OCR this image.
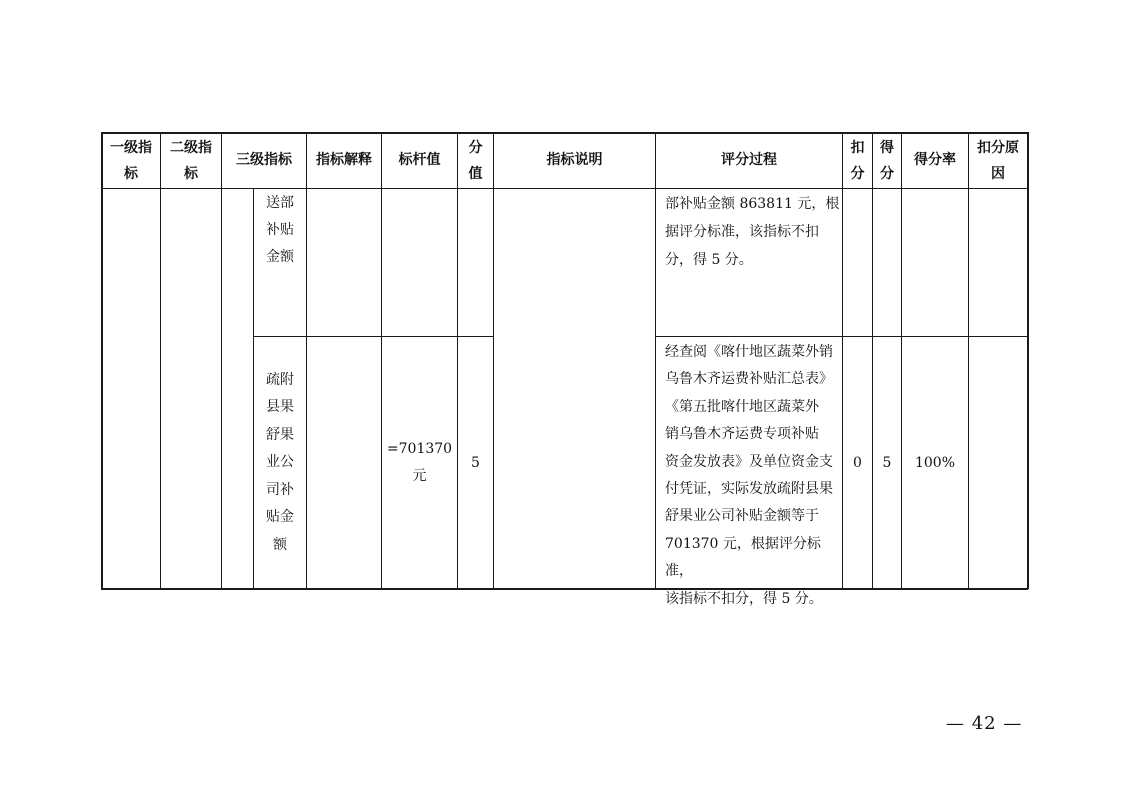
一级指
标
二级指
标
三级指标 指标解释 标杆值
分
值
指标说明	评分过程
扣
分
得
分
得分率
扣分原
因
送部
补贴
金额
部补贴金额 863811 元，根
据评分标准，该指标不扣
分，得 5 分。
疏附
县果
舒果
业公
司补
贴金
额
=701370
元
5
经查阅《喀什地区蔬菜外销
乌鲁木齐运费补贴汇总表》
《第五批喀什地区蔬菜外
销乌鲁木齐运费专项补贴
资金发放表》及单位资金支
付凭证，实际发放疏附县果
舒果业公司补贴金额等于
701370 元，根据评分标准，
该指标不扣分，得 5 分。
0 5 100%
— 42 —
